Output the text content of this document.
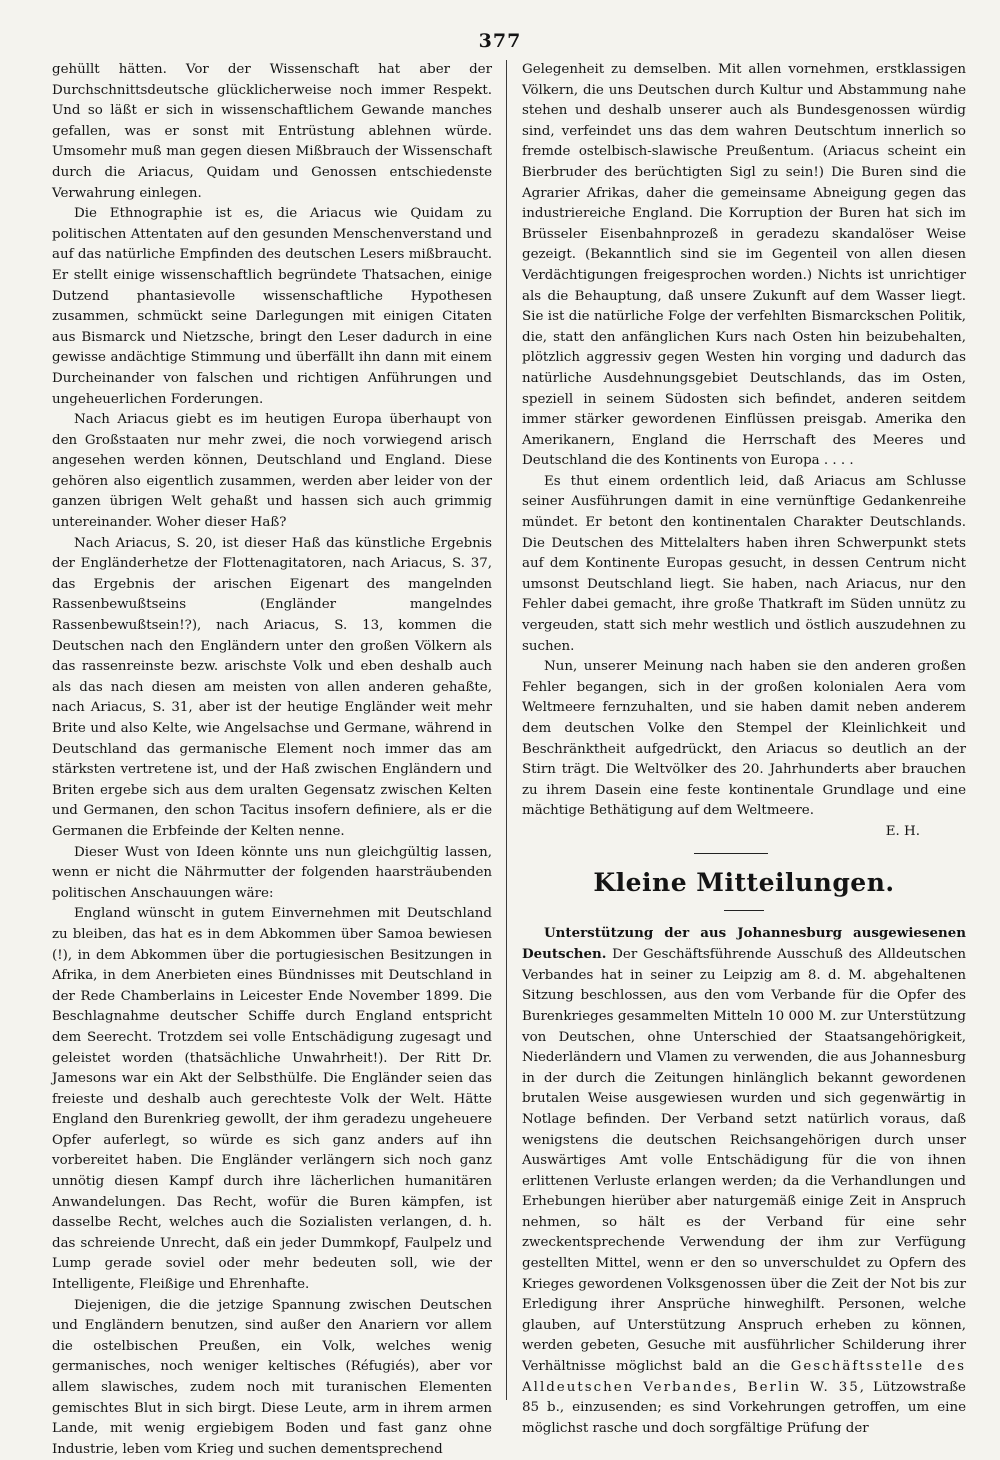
377

gehüllt hätten. Vor der Wissenschaft hat aber der Durchschnittsdeutsche glücklicherweise noch immer Respekt. Und so läßt er sich in wissenschaftlichem Gewande manches gefallen, was er sonst mit Entrüstung ablehnen würde. Umsomehr muß man gegen diesen Mißbrauch der Wissenschaft durch die Ariacus, Quidam und Genossen entschiedenste Verwahrung einlegen.

Die Ethnographie ist es, die Ariacus wie Quidam zu politischen Attentaten auf den gesunden Menschenverstand und auf das natürliche Empfinden des deutschen Lesers mißbraucht. Er stellt einige wissenschaftlich begründete Thatsachen, einige Dutzend phantasievolle wissenschaftliche Hypothesen zusammen, schmückt seine Darlegungen mit einigen Citaten aus Bismarck und Nietzsche, bringt den Leser dadurch in eine gewisse andächtige Stimmung und überfällt ihn dann mit einem Durcheinander von falschen und richtigen Anführungen und ungeheuerlichen Forderungen.

Nach Ariacus giebt es im heutigen Europa überhaupt von den Großstaaten nur mehr zwei, die noch vorwiegend arisch angesehen werden können, Deutschland und England. Diese gehören also eigentlich zusammen, werden aber leider von der ganzen übrigen Welt gehaßt und hassen sich auch grimmig untereinander. Woher dieser Haß?

Nach Ariacus, S. 20, ist dieser Haß das künstliche Ergebnis der Engländerhetze der Flottenagitatoren, nach Ariacus, S. 37, das Ergebnis der arischen Eigenart des mangelnden Rassenbewußtseins (Engländer mangelndes Rassenbewußtsein!?), nach Ariacus, S. 13, kommen die Deutschen nach den Engländern unter den großen Völkern als das rassenreinste bezw. arischste Volk und eben deshalb auch als das nach diesen am meisten von allen anderen gehaßte, nach Ariacus, S. 31, aber ist der heutige Engländer weit mehr Brite und also Kelte, wie Angelsachse und Germane, während in Deutschland das germanische Element noch immer das am stärksten vertretene ist, und der Haß zwischen Engländern und Briten ergebe sich aus dem uralten Gegensatz zwischen Kelten und Germanen, den schon Tacitus insofern definiere, als er die Germanen die Erbfeinde der Kelten nenne.

Dieser Wust von Ideen könnte uns nun gleichgültig lassen, wenn er nicht die Nährmutter der folgenden haarsträubenden politischen Anschauungen wäre:

England wünscht in gutem Einvernehmen mit Deutschland zu bleiben, das hat es in dem Abkommen über Samoa bewiesen (!), in dem Abkommen über die portugiesischen Besitzungen in Afrika, in dem Anerbieten eines Bündnisses mit Deutschland in der Rede Chamberlains in Leicester Ende November 1899. Die Beschlagnahme deutscher Schiffe durch England entspricht dem Seerecht. Trotzdem sei volle Entschädigung zugesagt und geleistet worden (thatsächliche Unwahrheit!). Der Ritt Dr. Jamesons war ein Akt der Selbsthülfe. Die Engländer seien das freieste und deshalb auch gerechteste Volk der Welt. Hätte England den Burenkrieg gewollt, der ihm geradezu ungeheuere Opfer auferlegt, so würde es sich ganz anders auf ihn vorbereitet haben. Die Engländer verlängern sich noch ganz unnötig diesen Kampf durch ihre lächerlichen humanitären Anwandelungen. Das Recht, wofür die Buren kämpfen, ist dasselbe Recht, welches auch die Sozialisten verlangen, d. h. das schreiende Unrecht, daß ein jeder Dummkopf, Faulpelz und Lump gerade soviel oder mehr bedeuten soll, wie der Intelligente, Fleißige und Ehrenhafte.

Diejenigen, die die jetzige Spannung zwischen Deutschen und Engländern benutzen, sind außer den Anariern vor allem die ostelbischen Preußen, ein Volk, welches wenig germanisches, noch weniger keltisches (Réfugiés), aber vor allem slawisches, zudem noch mit turanischen Elementen gemischtes Blut in sich birgt. Diese Leute, arm in ihrem armen Lande, mit wenig ergiebigem Boden und fast ganz ohne Industrie, leben vom Krieg und suchen dementsprechend

Gelegenheit zu demselben. Mit allen vornehmen, erstklassigen Völkern, die uns Deutschen durch Kultur und Abstammung nahe stehen und deshalb unserer auch als Bundesgenossen würdig sind, verfeindet uns das dem wahren Deutschtum innerlich so fremde ostelbisch-slawische Preußentum. (Ariacus scheint ein Bierbruder des berüchtigten Sigl zu sein!) Die Buren sind die Agrarier Afrikas, daher die gemeinsame Abneigung gegen das industriereiche England. Die Korruption der Buren hat sich im Brüsseler Eisenbahnprozeß in geradezu skandalöser Weise gezeigt. (Bekanntlich sind sie im Gegenteil von allen diesen Verdächtigungen freigesprochen worden.) Nichts ist unrichtiger als die Behauptung, daß unsere Zukunft auf dem Wasser liegt. Sie ist die natürliche Folge der verfehlten Bismarckschen Politik, die, statt den anfänglichen Kurs nach Osten hin beizubehalten, plötzlich aggressiv gegen Westen hin vorging und dadurch das natürliche Ausdehnungsgebiet Deutschlands, das im Osten, speziell in seinem Südosten sich befindet, anderen seitdem immer stärker gewordenen Einflüssen preisgab. Amerika den Amerikanern, England die Herrschaft des Meeres und Deutschland die des Kontinents von Europa . . . .

Es thut einem ordentlich leid, daß Ariacus am Schlusse seiner Ausführungen damit in eine vernünftige Gedankenreihe mündet. Er betont den kontinentalen Charakter Deutschlands. Die Deutschen des Mittelalters haben ihren Schwerpunkt stets auf dem Kontinente Europas gesucht, in dessen Centrum nicht umsonst Deutschland liegt. Sie haben, nach Ariacus, nur den Fehler dabei gemacht, ihre große Thatkraft im Süden unnütz zu vergeuden, statt sich mehr westlich und östlich auszudehnen zu suchen.

Nun, unserer Meinung nach haben sie den anderen großen Fehler begangen, sich in der großen kolonialen Aera vom Weltmeere fernzuhalten, und sie haben damit neben anderem dem deutschen Volke den Stempel der Kleinlichkeit und Beschränktheit aufgedrückt, den Ariacus so deutlich an der Stirn trägt. Die Weltvölker des 20. Jahrhunderts aber brauchen zu ihrem Dasein eine feste kontinentale Grundlage und eine mächtige Bethätigung auf dem Weltmeere.

E. H.

Kleine Mitteilungen.

Unterstützung der aus Johannesburg ausgewiesenen Deutschen. Der Geschäftsführende Ausschuß des Alldeutschen Verbandes hat in seiner zu Leipzig am 8. d. M. abgehaltenen Sitzung beschlossen, aus den vom Verbande für die Opfer des Burenkrieges gesammelten Mitteln 10 000 M. zur Unterstützung von Deutschen, ohne Unterschied der Staatsangehörigkeit, Niederländern und Vlamen zu verwenden, die aus Johannesburg in der durch die Zeitungen hinlänglich bekannt gewordenen brutalen Weise ausgewiesen wurden und sich gegenwärtig in Notlage befinden. Der Verband setzt natürlich voraus, daß wenigstens die deutschen Reichsangehörigen durch unser Auswärtiges Amt volle Entschädigung für die von ihnen erlittenen Verluste erlangen werden; da die Verhandlungen und Erhebungen hierüber aber naturgemäß einige Zeit in Anspruch nehmen, so hält es der Verband für eine sehr zweckentsprechende Verwendung der ihm zur Verfügung gestellten Mittel, wenn er den so unverschuldet zu Opfern des Krieges gewordenen Volksgenossen über die Zeit der Not bis zur Erledigung ihrer Ansprüche hinweghilft. Personen, welche glauben, auf Unterstützung Anspruch erheben zu können, werden gebeten, Gesuche mit ausführlicher Schilderung ihrer Verhältnisse möglichst bald an die Geschäftsstelle des Alldeutschen Verbandes, Berlin W. 35, Lützowstraße 85 b., einzusenden; es sind Vorkehrungen getroffen, um eine möglichst rasche und doch sorgfältige Prüfung der
